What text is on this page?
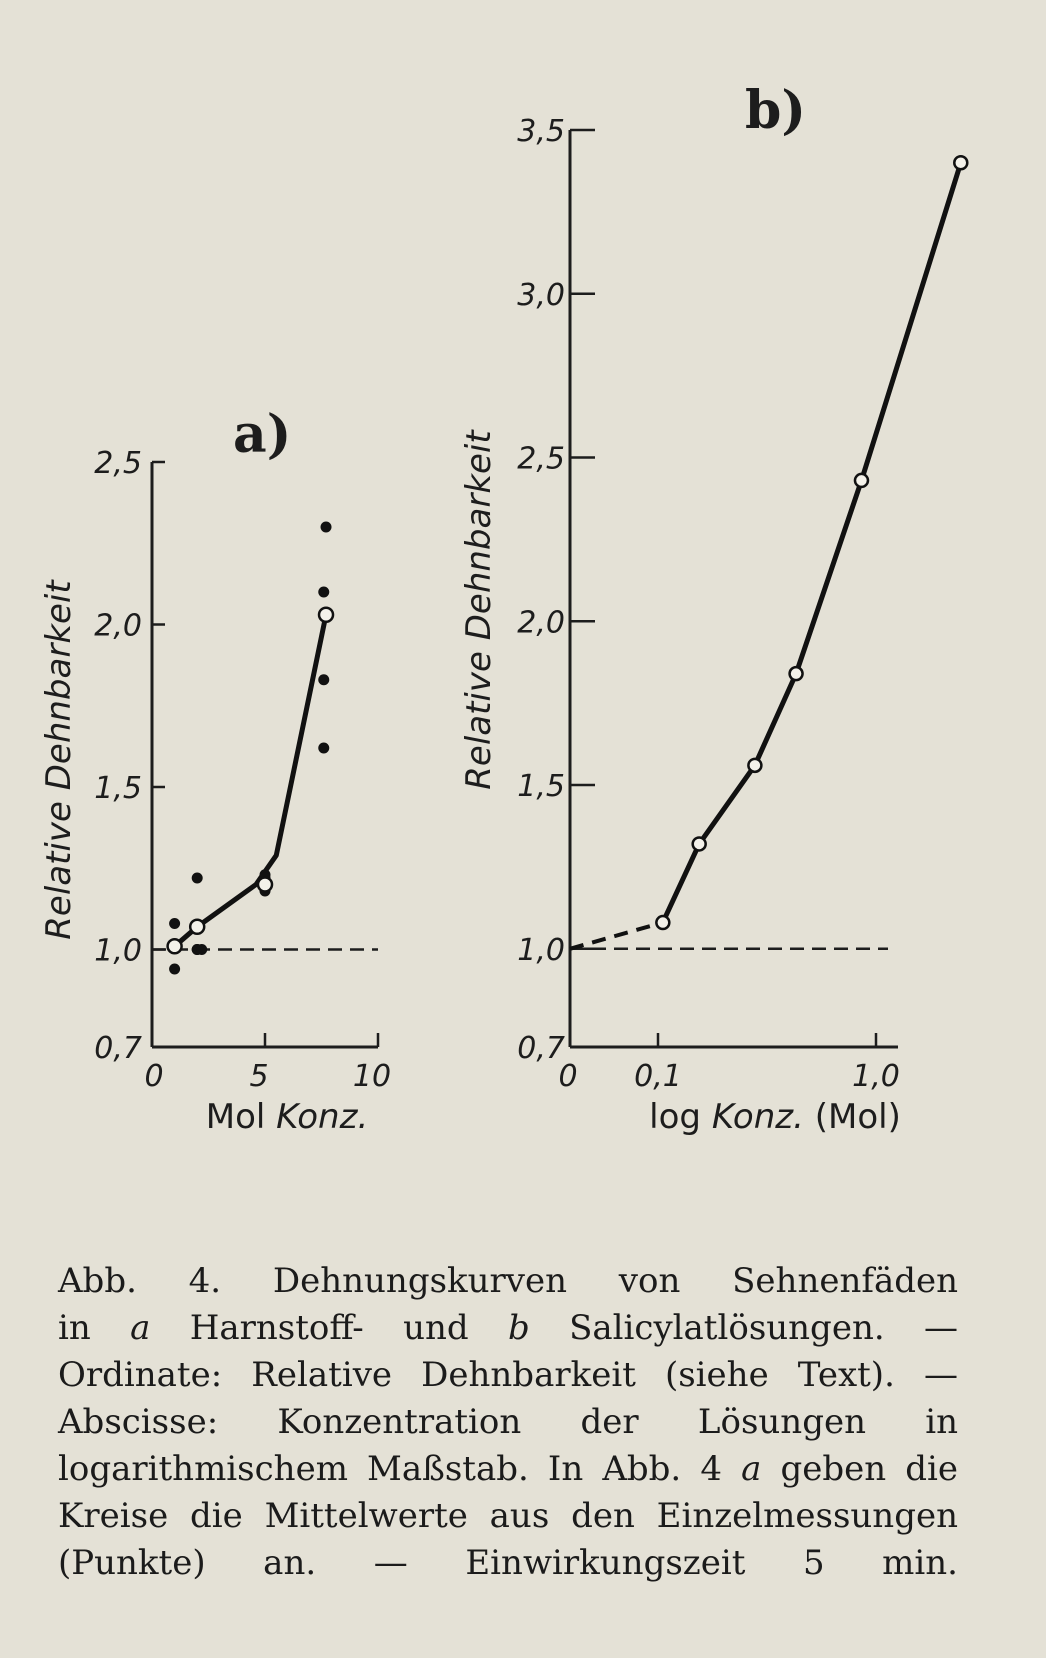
0,7
1,0
1,5
2,0
2,5
0	5	10
Relative Dehnbarkeit
Mol Konz.
a)
0,7
1,0
1,5
2,0
2,5
3,0
3,5
0 0,1	1,0
Relative Dehnbarkeit
log Konz. (Mol)
b)
Abb. 4. Dehnungskurven von Sehnenfäden
in a Harnstoff- und b Salicylatlösungen. —
Ordinate: Relative Dehnbarkeit (siehe Text). —
Abscisse: Konzentration der Lösungen in
logarithmischem Maßstab. In Abb. 4 a geben die
Kreise die Mittelwerte aus den Einzelmessungen
(Punkte) an. — Einwirkungszeit 5 min.
